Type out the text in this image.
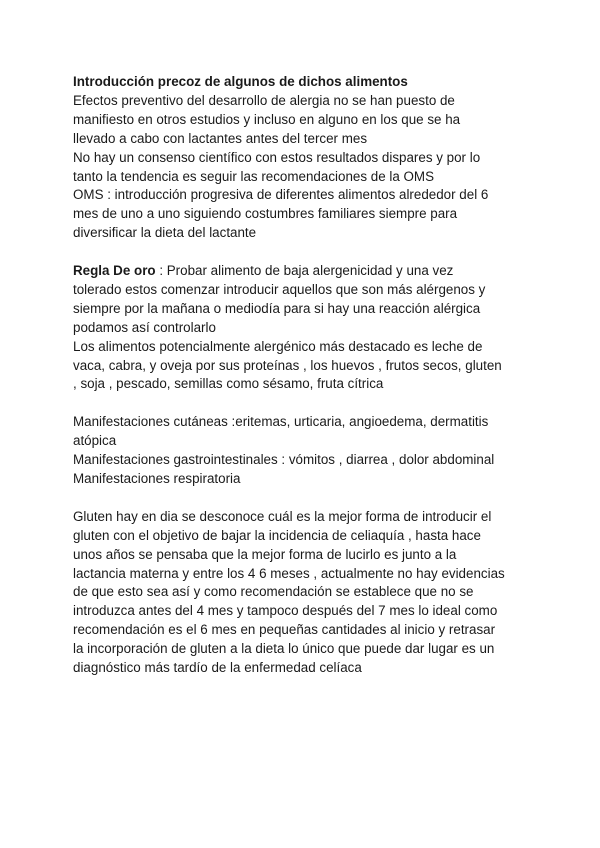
Introducción precoz de algunos de dichos alimentos
Efectos preventivo del desarrollo de alergia no se han puesto de
manifiesto en otros estudios y incluso en alguno en los que se ha
llevado a cabo con lactantes antes del tercer mes
No hay un consenso científico con estos resultados dispares y por lo
tanto la tendencia es seguir las recomendaciones de la OMS
OMS : introducción progresiva de diferentes alimentos alrededor del 6
mes de uno a uno siguiendo costumbres familiares siempre para
diversificar la dieta del lactante
Regla De oro : Probar alimento de baja alergenicidad y una vez
tolerado estos comenzar introducir aquellos que son más alérgenos y
siempre por la mañana o mediodía para si hay una reacción alérgica
podamos así controlarlo
Los alimentos potencialmente alergénico más destacado es leche de
vaca, cabra, y oveja por sus proteínas , los huevos , frutos secos, gluten
, soja , pescado, semillas como sésamo, fruta cítrica
Manifestaciones cutáneas :eritemas, urticaria, angioedema, dermatitis
atópica
Manifestaciones gastrointestinales : vómitos , diarrea , dolor abdominal
Manifestaciones respiratoria
Gluten hay en dia se desconoce cuál es la mejor forma de introducir el
gluten con el objetivo de bajar la incidencia de celiaquía , hasta hace
unos años se pensaba que la mejor forma de lucirlo es junto a la
lactancia materna y entre los 4 6 meses , actualmente no hay evidencias
de que esto sea así y como recomendación se establece que no se
introduzca antes del 4 mes y tampoco después del 7 mes lo ideal como
recomendación es el 6 mes en pequeñas cantidades al inicio y retrasar
la incorporación de gluten a la dieta lo único que puede dar lugar es un
diagnóstico más tardío de la enfermedad celíaca
